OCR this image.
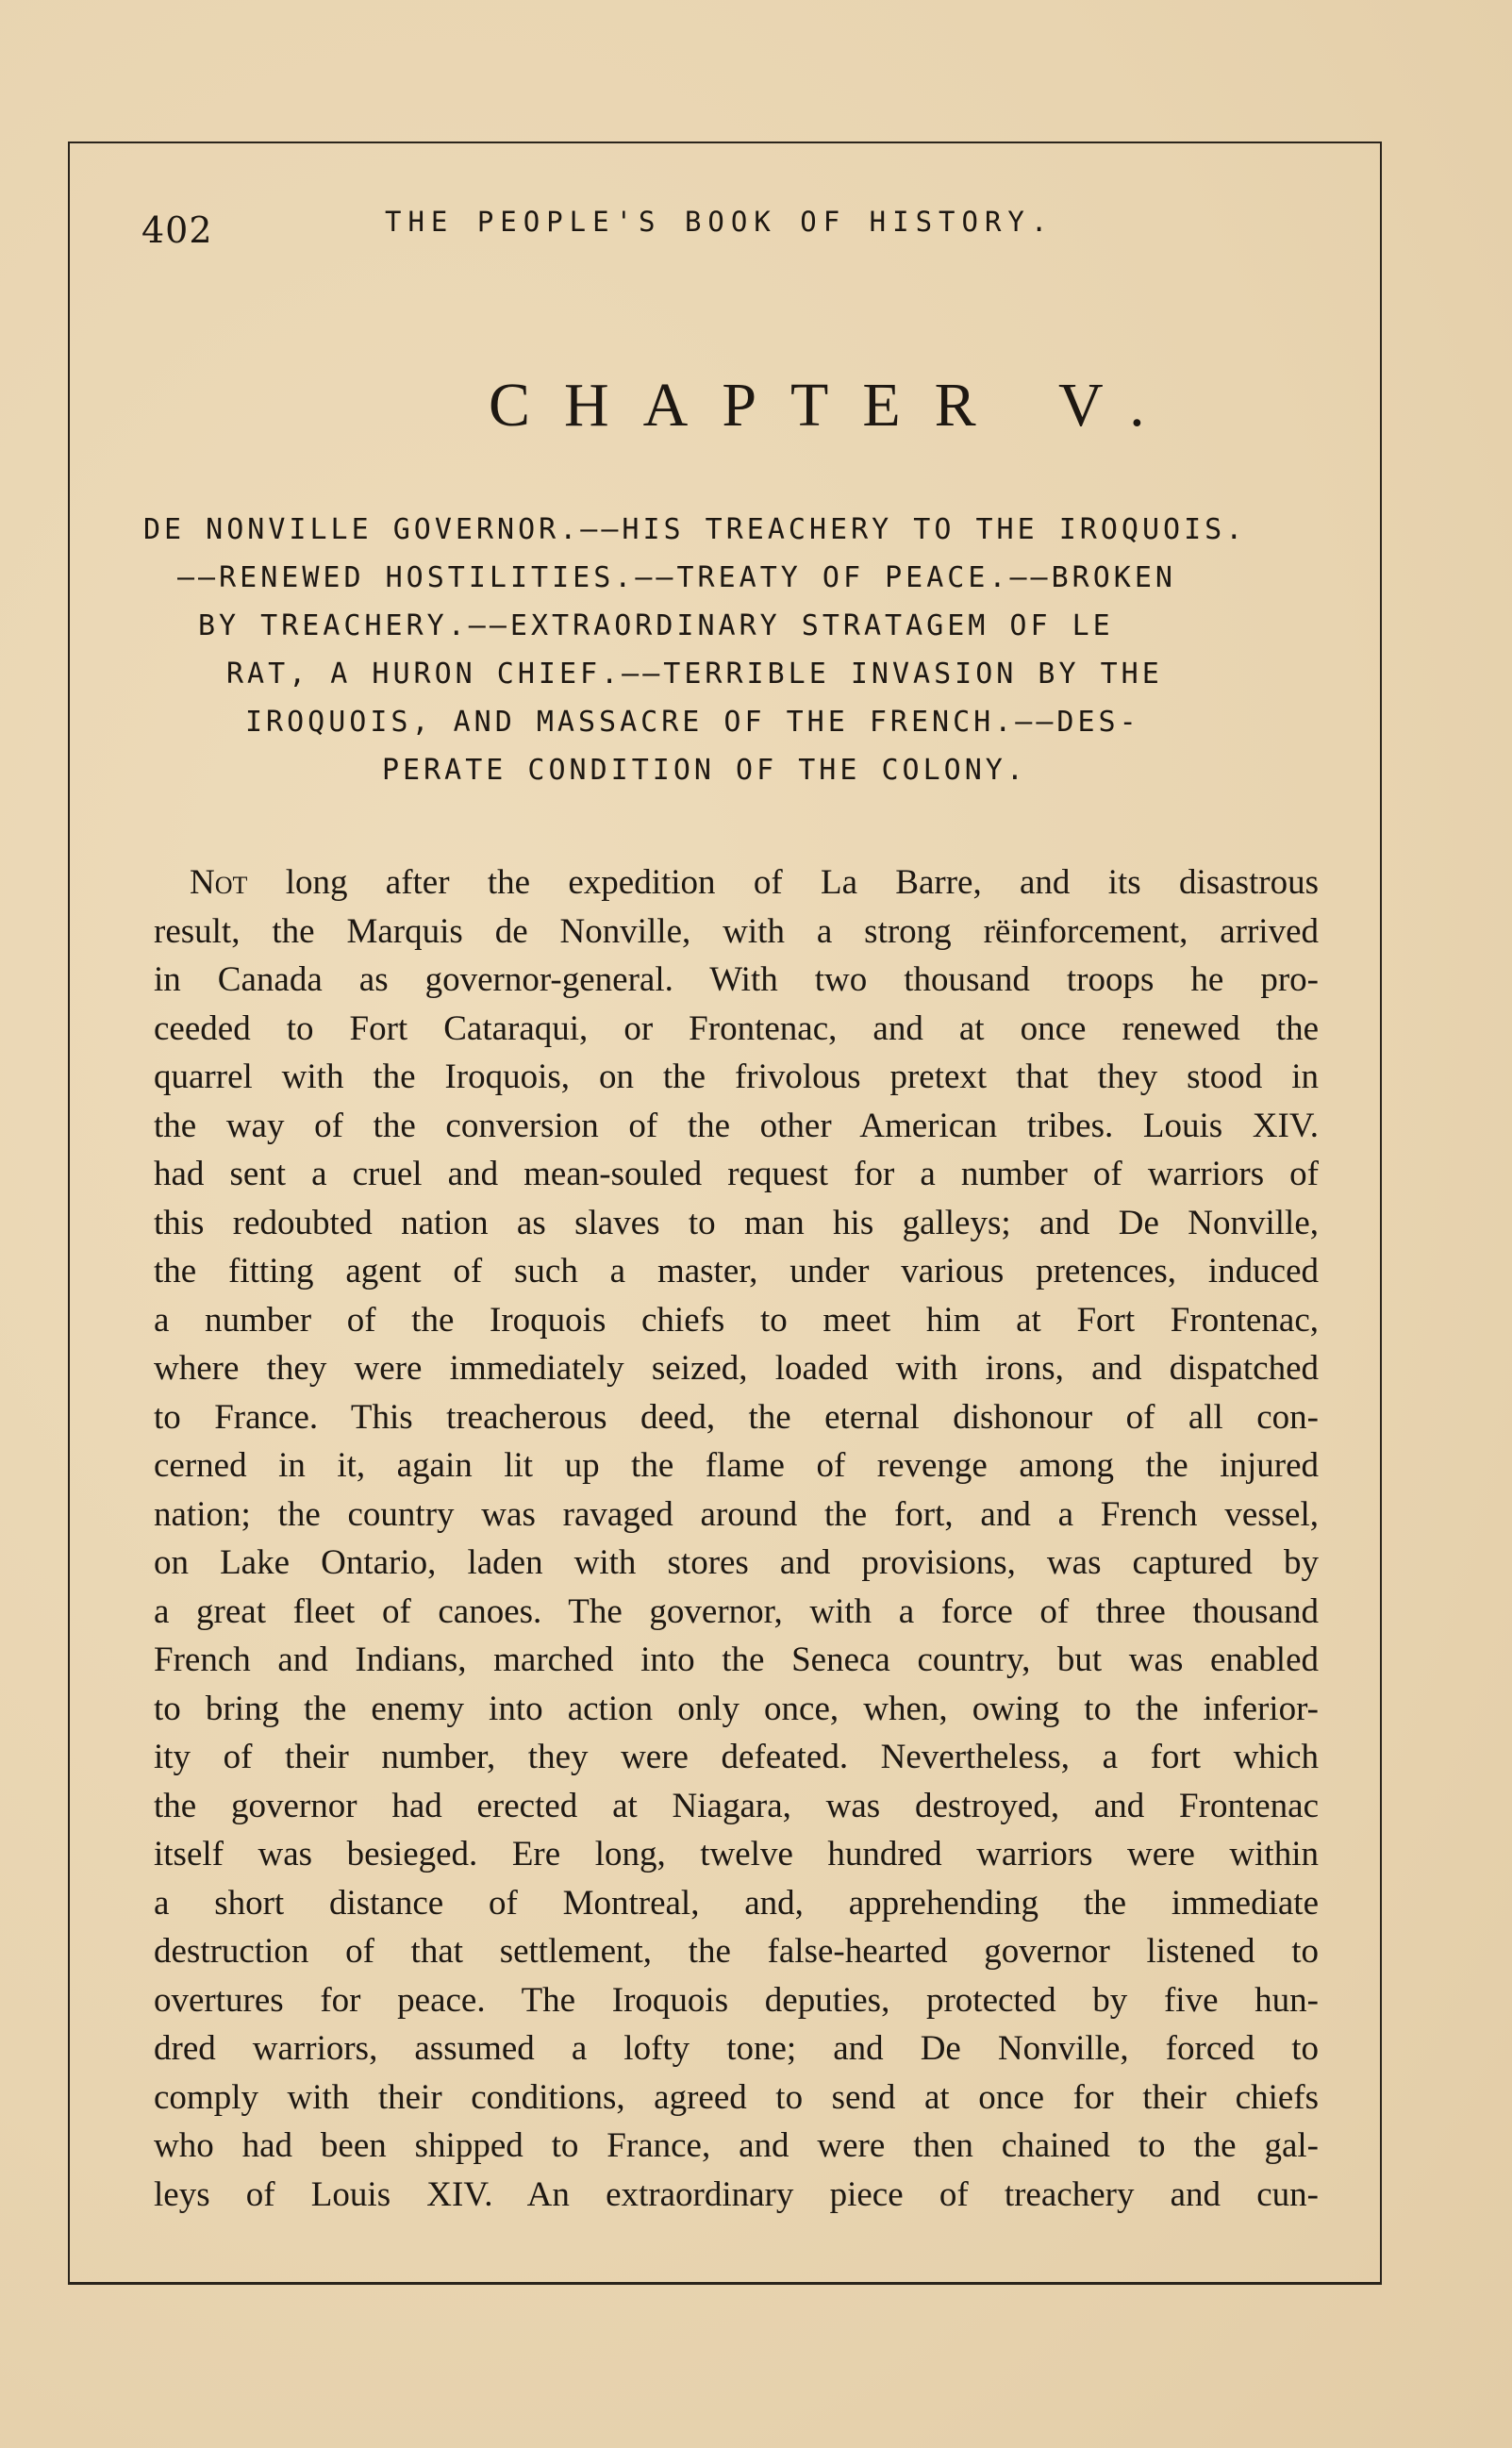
402	THE PEOPLE'S BOOK OF HISTORY.
CHAPTER V.
DE NONVILLE GOVERNOR.——HIS TREACHERY TO THE IROQUOIS.
——RENEWED HOSTILITIES.——TREATY OF PEACE.——BROKEN
BY TREACHERY.——EXTRAORDINARY STRATAGEM OF LE
RAT, A HURON CHIEF.——TERRIBLE INVASION BY THE
IROQUOIS, AND MASSACRE OF THE FRENCH.——DES-
PERATE CONDITION OF THE COLONY.
Not long after the expedition of La Barre, and its disastrous
result, the Marquis de Nonville, with a strong rëinforcement, arrived
in Canada as governor-general. With two thousand troops he pro-
ceeded to Fort Cataraqui, or Frontenac, and at once renewed the
quarrel with the Iroquois, on the frivolous pretext that they stood in
the way of the conversion of the other American tribes. Louis XIV.
had sent a cruel and mean-souled request for a number of warriors of
this redoubted nation as slaves to man his galleys; and De Nonville,
the fitting agent of such a master, under various pretences, induced
a number of the Iroquois chiefs to meet him at Fort Frontenac,
where they were immediately seized, loaded with irons, and dispatched
to France. This treacherous deed, the eternal dishonour of all con-
cerned in it, again lit up the flame of revenge among the injured
nation; the country was ravaged around the fort, and a French vessel,
on Lake Ontario, laden with stores and provisions, was captured by
a great fleet of canoes. The governor, with a force of three thousand
French and Indians, marched into the Seneca country, but was enabled
to bring the enemy into action only once, when, owing to the inferior-
ity of their number, they were defeated. Nevertheless, a fort which
the governor had erected at Niagara, was destroyed, and Frontenac
itself was besieged. Ere long, twelve hundred warriors were within
a short distance of Montreal, and, apprehending the immediate
destruction of that settlement, the false-hearted governor listened to
overtures for peace. The Iroquois deputies, protected by five hun-
dred warriors, assumed a lofty tone; and De Nonville, forced to
comply with their conditions, agreed to send at once for their chiefs
who had been shipped to France, and were then chained to the gal-
leys of Louis XIV. An extraordinary piece of treachery and cun-
